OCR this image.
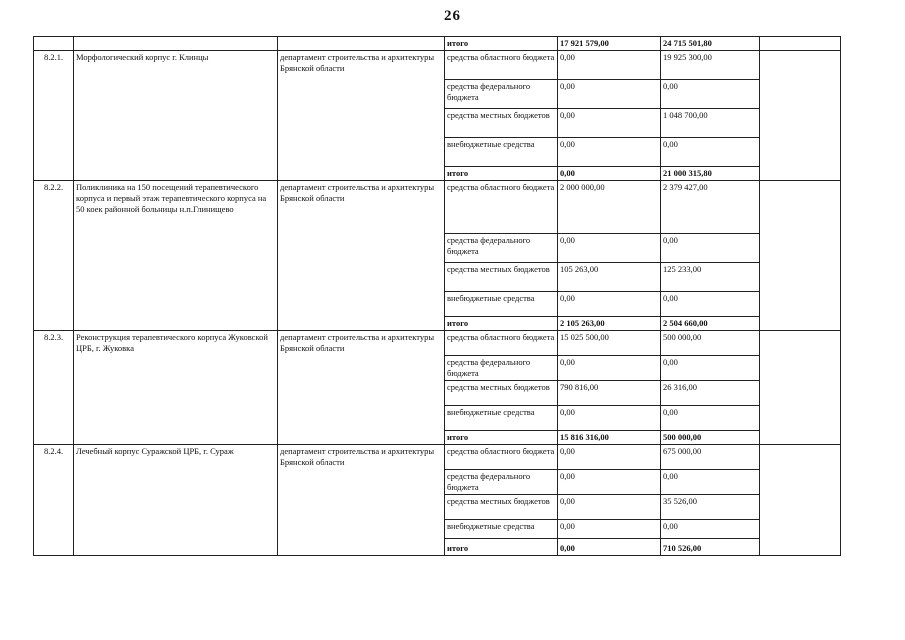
26
			итого	17 921 579,00	24 715 501,80		
8.2.1.	Морфологический корпус г. Клинцы	департамент строительства и архитектуры Брянской области	средства областного бюджета	0,00	19 925 300,00		
			средства федерального бюджета	0,00	0,00		
			средства местных бюджетов	0,00	1 048 700,00		
			внебюджетные средства	0,00	0,00		
			итого	0,00	21 000 315,80		
8.2.2.	Поликлиника на 150 посещений терапевтического корпуса и первый этаж терапевтического корпуса на 50 коек районной больницы н.п.Глинищево	департамент строительства и архитектуры Брянской области	средства областного бюджета	2 000 000,00	2 379 427,00		
			средства федерального бюджета	0,00	0,00		
			средства местных бюджетов	105 263,00	125 233,00		
			внебюджетные средства	0,00	0,00		
			итого	2 105 263,00	2 504 660,00		
8.2.3.	Реконструкция терапевтического корпуса Жуковской ЦРБ, г. Жуковка	департамент строительства и архитектуры Брянской области	средства областного бюджета	15 025 500,00	500 000,00		
			средства федерального бюджета	0,00	0,00		
			средства местных бюджетов	790 816,00	26 316,00		
			внебюджетные средства	0,00	0,00		
			итого	15 816 316,00	500 000,00		
8.2.4.	Лечебный корпус Суражской ЦРБ, г. Сураж	департамент строительства и архитектуры Брянской области	средства областного бюджета	0,00	675 000,00		
			средства федерального бюджета	0,00	0,00		
			средства местных бюджетов	0,00	35 526,00		
			внебюджетные средства	0,00	0,00		
			итого	0,00	710 526,00		
